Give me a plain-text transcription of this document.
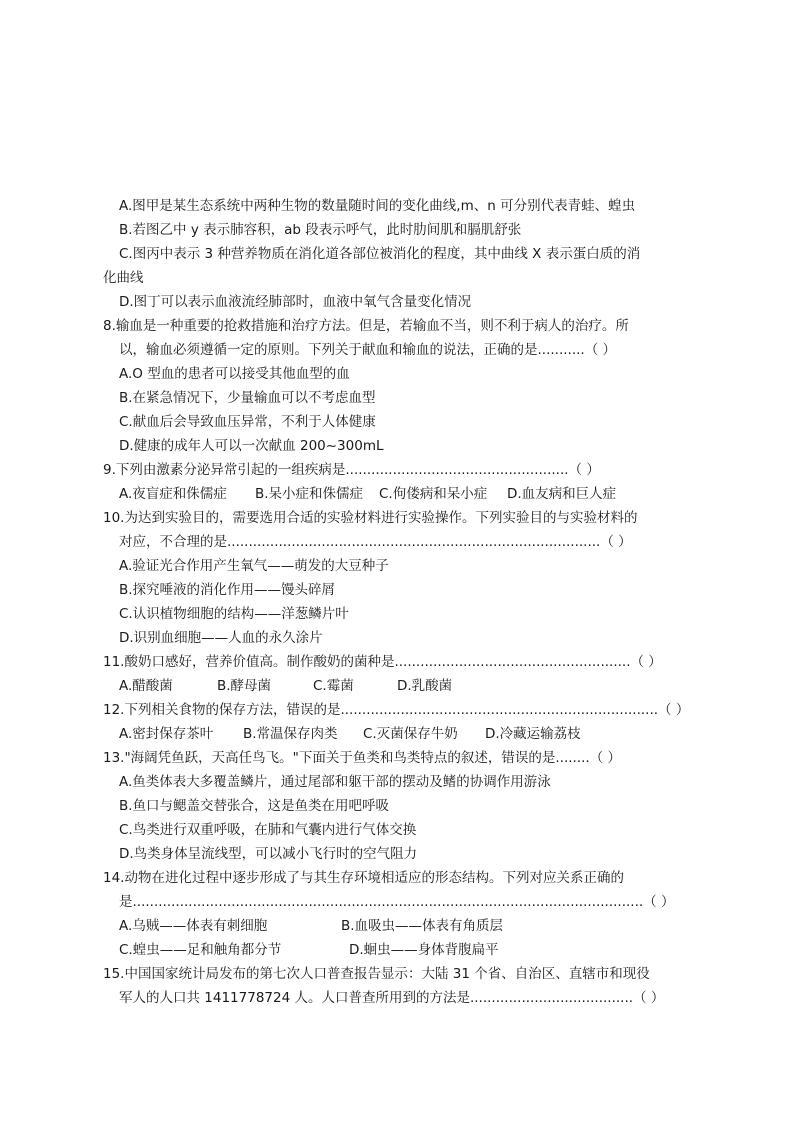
A.图甲是某生态系统中两种生物的数量随时间的变化曲线,m、n 可分别代表青蛙、蝗虫
B.若图乙中 y 表示肺容积，ab 段表示呼气，此时肋间肌和膈肌舒张
C.图丙中表示 3 种营养物质在消化道各部位被消化的程度，其中曲线 X 表示蛋白质的消
化曲线
D.图丁可以表示血液流经肺部时，血液中氧气含量变化情况
8.输血是一种重要的抢救措施和治疗方法。但是，若输血不当，则不利于病人的治疗。所
以，输血必须遵循一定的原则。下列关于献血和输血的说法，正确的是...........（ ）
A.O 型血的患者可以接受其他血型的血
B.在紧急情况下，少量输血可以不考虑血型
C.献血后会导致血压异常，不利于人体健康
D.健康的成年人可以一次献血 200~300mL
9.下列由激素分泌异常引起的一组疾病是....................................................（ ）
A.夜盲症和侏儒症	B.呆小症和侏儒症	C.佝偻病和呆小症	D.血友病和巨人症
10.为达到实验目的，需要选用合适的实验材料进行实验操作。下列实验目的与实验材料的
对应，不合理的是.......................................................................................（ ）
A.验证光合作用产生氧气——萌发的大豆种子
B.探究唾液的消化作用——馒头碎屑
C.认识植物细胞的结构——洋葱鳞片叶
D.识别血细胞——人血的永久涂片
11.酸奶口感好，营养价值高。制作酸奶的菌种是.......................................................（ ）
A.醋酸菌	B.酵母菌	C.霉菌	D.乳酸菌
12.下列相关食物的保存方法，错误的是..........................................................................（ ）
A.密封保存茶叶	B.常温保存肉类	C.灭菌保存牛奶	D.冷藏运输荔枝
13."海阔凭鱼跃，天高任鸟飞。"下面关于鱼类和鸟类特点的叙述，错误的是........（ ）
A.鱼类体表大多覆盖鳞片，通过尾部和躯干部的摆动及鳍的协调作用游泳
B.鱼口与鳃盖交替张合，这是鱼类在用吧呼吸
C.鸟类进行双重呼吸，在肺和气囊内进行气体交换
D.鸟类身体呈流线型，可以减小飞行时的空气阻力
14.动物在进化过程中逐步形成了与其生存环境相适应的形态结构。下列对应关系正确的
是.......................................................................................................................（ ）
A.乌贼——体表有刺细胞	B.血吸虫——体表有角质层
C.蝗虫——足和触角都分节	D.蛔虫——身体背腹扁平
15.中国国家统计局发布的第七次人口普查报告显示：大陆 31 个省、自治区、直辖市和现役
军人的人口共 1411778724 人。人口普查所用到的方法是......................................（ ）
